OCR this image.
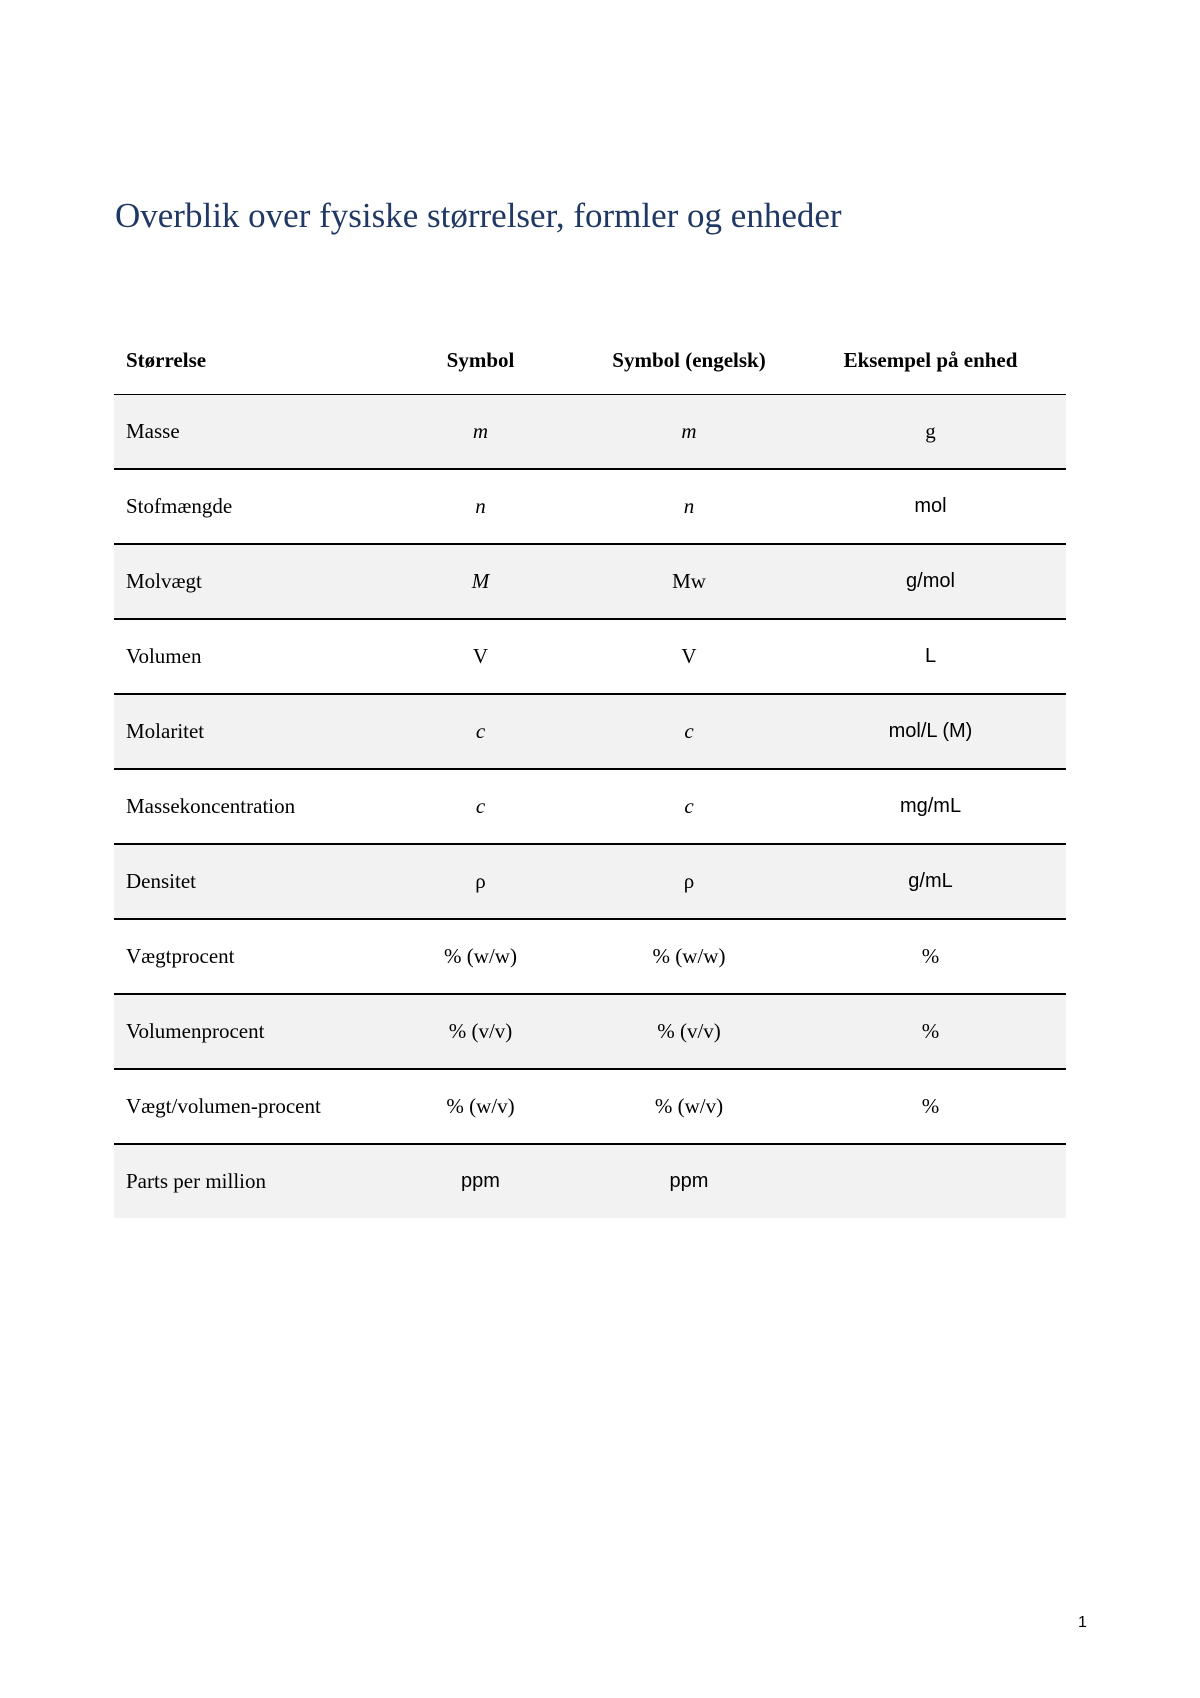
Overblik over fysiske størrelser, formler og enheder
Størrelse	Symbol	Symbol (engelsk)	Eksempel på enhed
Masse	m	m	g
Stofmængde	n	n	mol
Molvægt	M	Mw	g/mol
Volumen	V	V	L
Molaritet	c	c	mol/L (M)
Massekoncentration	c	c	mg/mL
Densitet	ρ	ρ	g/mL
Vægtprocent	% (w/w)	% (w/w)	%
Volumenprocent	% (v/v)	% (v/v)	%
Vægt/volumen-procent	% (w/v)	% (w/v)	%
Parts per million	ppm	ppm	
1
